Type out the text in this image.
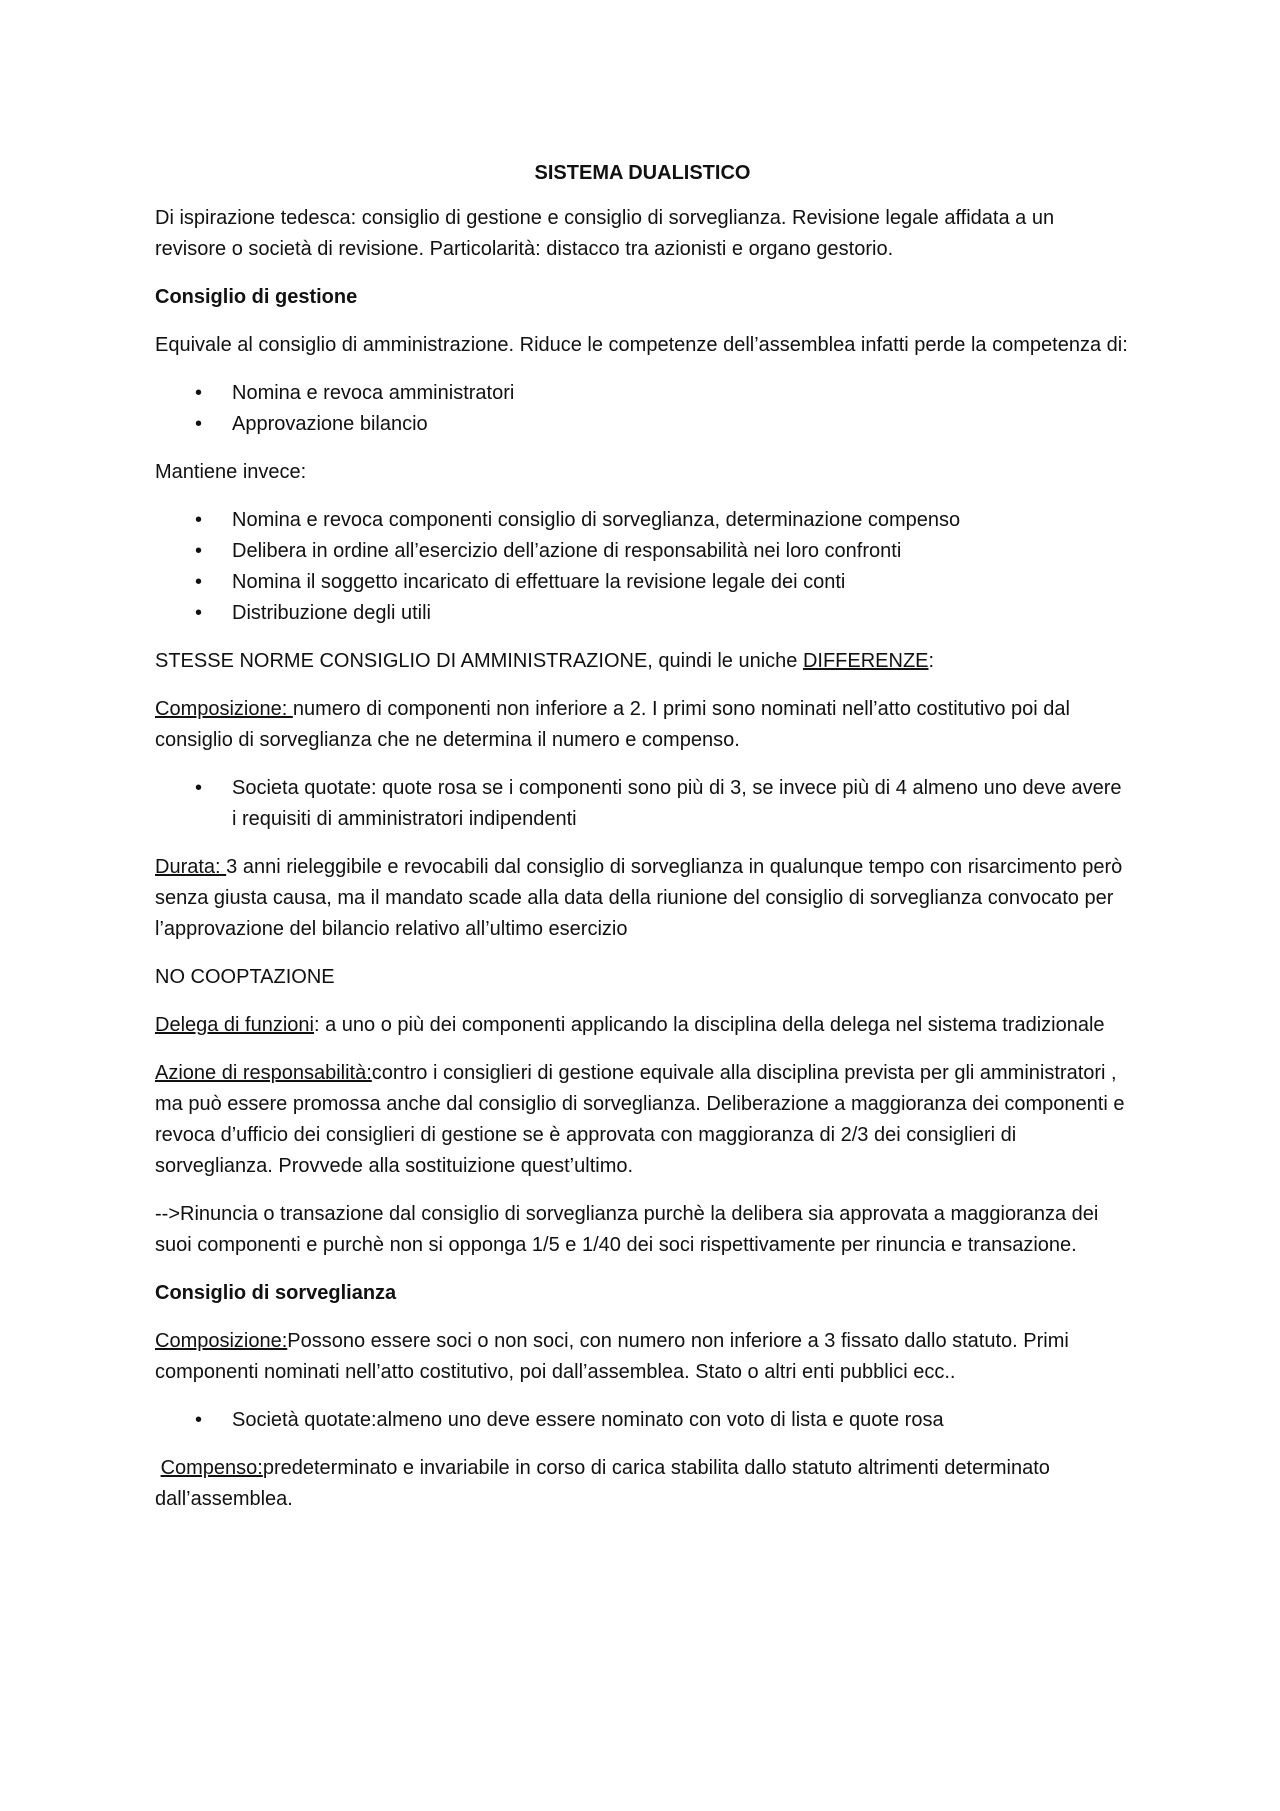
SISTEMA DUALISTICO

Di ispirazione tedesca: consiglio di gestione e consiglio di sorveglianza. Revisione legale affidata a un revisore o società di revisione. Particolarità: distacco tra azionisti e organo gestorio.

Consiglio di gestione

Equivale al consiglio di amministrazione. Riduce le competenze dell’assemblea infatti perde la competenza di:

• Nomina e revoca amministratori
• Approvazione bilancio

Mantiene invece:

• Nomina e revoca componenti consiglio di sorveglianza, determinazione compenso
• Delibera in ordine all’esercizio dell’azione di responsabilità nei loro confronti
• Nomina il soggetto incaricato di effettuare la revisione legale dei conti
• Distribuzione degli utili

STESSE NORME CONSIGLIO DI AMMINISTRAZIONE, quindi le uniche DIFFERENZE:

Composizione: numero di componenti non inferiore a 2. I primi sono nominati nell’atto costitutivo poi dal consiglio di sorveglianza che ne determina il numero e compenso.

• Societa quotate: quote rosa se i componenti sono più di 3, se invece più di 4 almeno uno deve avere i requisiti di amministratori indipendenti

Durata: 3 anni rieleggibile e revocabili dal consiglio di sorveglianza in qualunque tempo con risarcimento però senza giusta causa, ma il mandato scade alla data della riunione del consiglio di sorveglianza convocato per l’approvazione del bilancio relativo all’ultimo esercizio

NO COOPTAZIONE

Delega di funzioni: a uno o più dei componenti applicando la disciplina della delega nel sistema tradizionale

Azione di responsabilità:contro i consiglieri di gestione equivale alla disciplina prevista per gli amministratori , ma può essere promossa anche dal consiglio di sorveglianza. Deliberazione a maggioranza dei componenti e revoca d’ufficio dei consiglieri di gestione se è approvata con maggioranza di 2/3 dei consiglieri di sorveglianza. Provvede alla sostituizione quest’ultimo.

-->Rinuncia o transazione dal consiglio di sorveglianza purchè la delibera sia approvata a maggioranza dei suoi componenti e purchè non si opponga 1/5 e 1/40 dei soci rispettivamente per rinuncia e transazione.

Consiglio di sorveglianza

Composizione:Possono essere soci o non soci, con numero non inferiore a 3 fissato dallo statuto. Primi componenti nominati nell’atto costitutivo, poi dall’assemblea. Stato o altri enti pubblici ecc..

• Società quotate:almeno uno deve essere nominato con voto di lista e quote rosa

Compenso:predeterminato e invariabile in corso di carica stabilita dallo statuto altrimenti determinato dall’assemblea.
